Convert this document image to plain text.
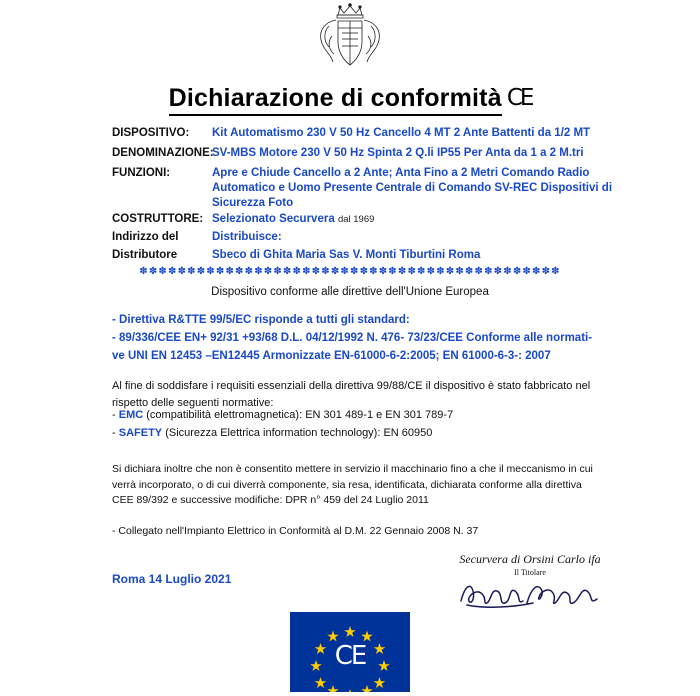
Dichiarazione di conformità CE
DISPOSITIVO:	Kit Automatismo 230 V 50 Hz Cancello 4 MT 2 Ante Battenti da 1/2 MT
DENOMINAZIONE:
SV-MBS Motore 230 V 50 Hz Spinta 2 Q.li IP55 Per Anta da 1 a 2 M.tri
FUNZIONI:	Apre e Chiude Cancello a 2 Ante; Anta Fino a 2 Metri Comando Radio Automatico e Uomo Presente Centrale di Comando SV-REC Dispositivi di Sicurezza Foto
COSTRUTTORE: Selezionato Securvera dal 1969
Indirizzo del	Distribuisce:
Distributore	Sbeco di Ghita Maria Sas V. Monti Tiburtini Roma
✽✽✽✽✽✽✽✽✽✽✽✽✽✽✽✽✽✽✽✽✽✽✽✽✽✽✽✽✽✽✽✽✽✽✽✽✽✽✽✽✽✽✽✽
Dispositivo conforme alle direttive dell'Unione Europea
- Direttiva R&TTE 99/5/EC risponde a tutti gli standard:
- 89/336/CEE EN+ 92/31 +93/68 D.L. 04/12/1992 N. 476- 73/23/CEE Conforme alle normati-
ve UNI EN 12453 –EN12445 Armonizzate EN-61000-6-2:2005; EN 61000-6-3-: 2007
Al fine di soddisfare i requisiti essenziali della direttiva 99/88/CE il dispositivo è stato fabbricato nel rispetto delle seguenti normative:
- EMC (compatibilità elettromagnetica): EN 301 489-1 e EN 301 789-7
- SAFETY (Sicurezza Elettrica information technology): EN 60950
Si dichiara inoltre che non è consentito mettere in servizio il macchinario fino a che il meccanismo in cui verrà incorporato, o di cui diverrà componente, sia resa, identificata, dichiarata conforme alla direttiva CEE 89/392 e successive modifiche: DPR n° 459 del 24 Luglio 2011
- Collegato nell'Impianto Elettrico in Conformità al D.M. 22 Gennaio 2008 N. 37
Securvera di Orsini Carlo ifa
Il Titolare
Roma 14 Luglio 2021
CE
